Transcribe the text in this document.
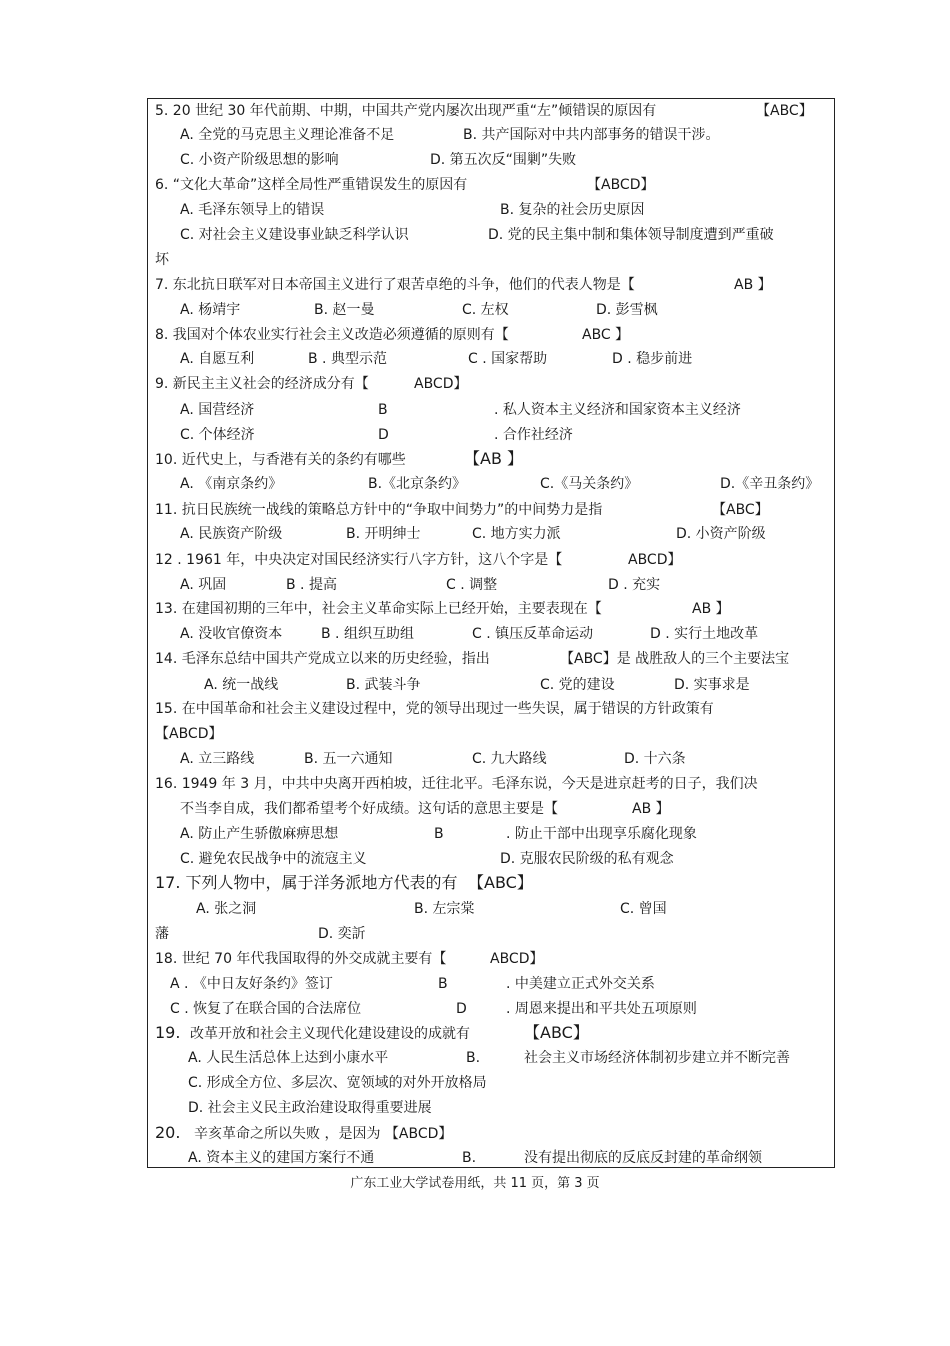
5. 20 世纪 30 年代前期、中期，中国共产党内屡次出现严重“左”倾错误的原因有	【ABC】
A. 全党的马克思主义理论准备不足	B. 共产国际对中共内部事务的错误干涉。
C. 小资产阶级思想的影响	D. 第五次反“围剿”失败
6. “文化大革命”这样全局性严重错误发生的原因有	【ABCD】
A. 毛泽东领导上的错误	B. 复杂的社会历史原因
C. 对社会主义建设事业缺乏科学认识	D. 党的民主集中制和集体领导制度遭到严重破
坏
7. 东北抗日联军对日本帝国主义进行了艰苦卓绝的斗争，他们的代表人物是【	AB 】
A. 杨靖宇	B. 赵一曼	C. 左权	D. 彭雪枫
8. 我国对个体农业实行社会主义改造必须遵循的原则有【	ABC 】
A. 自愿互利	B . 典型示范	C . 国家帮助	D . 稳步前进
9. 新民主主义社会的经济成分有【	ABCD】
A. 国营经济	B	. 私人资本主义经济和国家资本主义经济
C. 个体经济	D	. 合作社经济
10. 近代史上，与香港有关的条约有哪些	【AB 】
A. 《南京条约》	B.《北京条约》	C.《马关条约》	D.《辛丑条约》
11. 抗日民族统一战线的策略总方针中的“争取中间势力”的中间势力是指	【ABC】
A. 民族资产阶级	B. 开明绅士	C. 地方实力派	D. 小资产阶级
12 . 1961 年，中央决定对国民经济实行八字方针，这八个字是【	ABCD】
A. 巩固	B . 提高	C . 调整	D . 充实
13. 在建国初期的三年中，社会主义革命实际上已经开始，主要表现在【	AB 】
A. 没收官僚资本	B . 组织互助组	C . 镇压反革命运动	D . 实行土地改革
14. 毛泽东总结中国共产党成立以来的历史经验，指出	【ABC】是 战胜敌人的三个主要法宝
A. 统一战线	B. 武装斗争	C. 党的建设	D. 实事求是
15. 在中国革命和社会主义建设过程中，党的领导出现过一些失误，属于错误的方针政策有
【ABCD】
A. 立三路线	B. 五一六通知	C. 九大路线	D. 十六条
16. 1949 年 3 月，中共中央离开西柏坡，迁往北平。毛泽东说，今天是进京赶考的日子，我们决
不当李自成，我们都希望考个好成绩。这句话的意思主要是【	AB 】
A. 防止产生骄傲麻痹思想	B	. 防止干部中出现享乐腐化现象
C. 避免农民战争中的流寇主义	D. 克服农民阶级的私有观念
17. 下列人物中，属于洋务派地方代表的有 【ABC】
A. 张之洞	B. 左宗棠	C. 曾国
藩	D. 奕訢
18. 世纪 70 年代我国取得的外交成就主要有【	ABCD】
A . 《中日友好条约》签订	B	. 中美建立正式外交关系
C . 恢复了在联合国的合法席位	D	. 周恩来提出和平共处五项原则
19. 改革开放和社会主义现代化建设建设的成就有	【ABC】
A. 人民生活总体上达到小康水平	B.	社会主义市场经济体制初步建立并不断完善
C. 形成全方位、多层次、宽领域的对外开放格局
D. 社会主义民主政治建设取得重要进展
20. 辛亥革命之所以失败 ，是因为 【ABCD】
A. 资本主义的建国方案行不通	B.	没有提出彻底的反底反封建的革命纲领
广东工业大学试卷用纸，共 11 页，第 3 页
